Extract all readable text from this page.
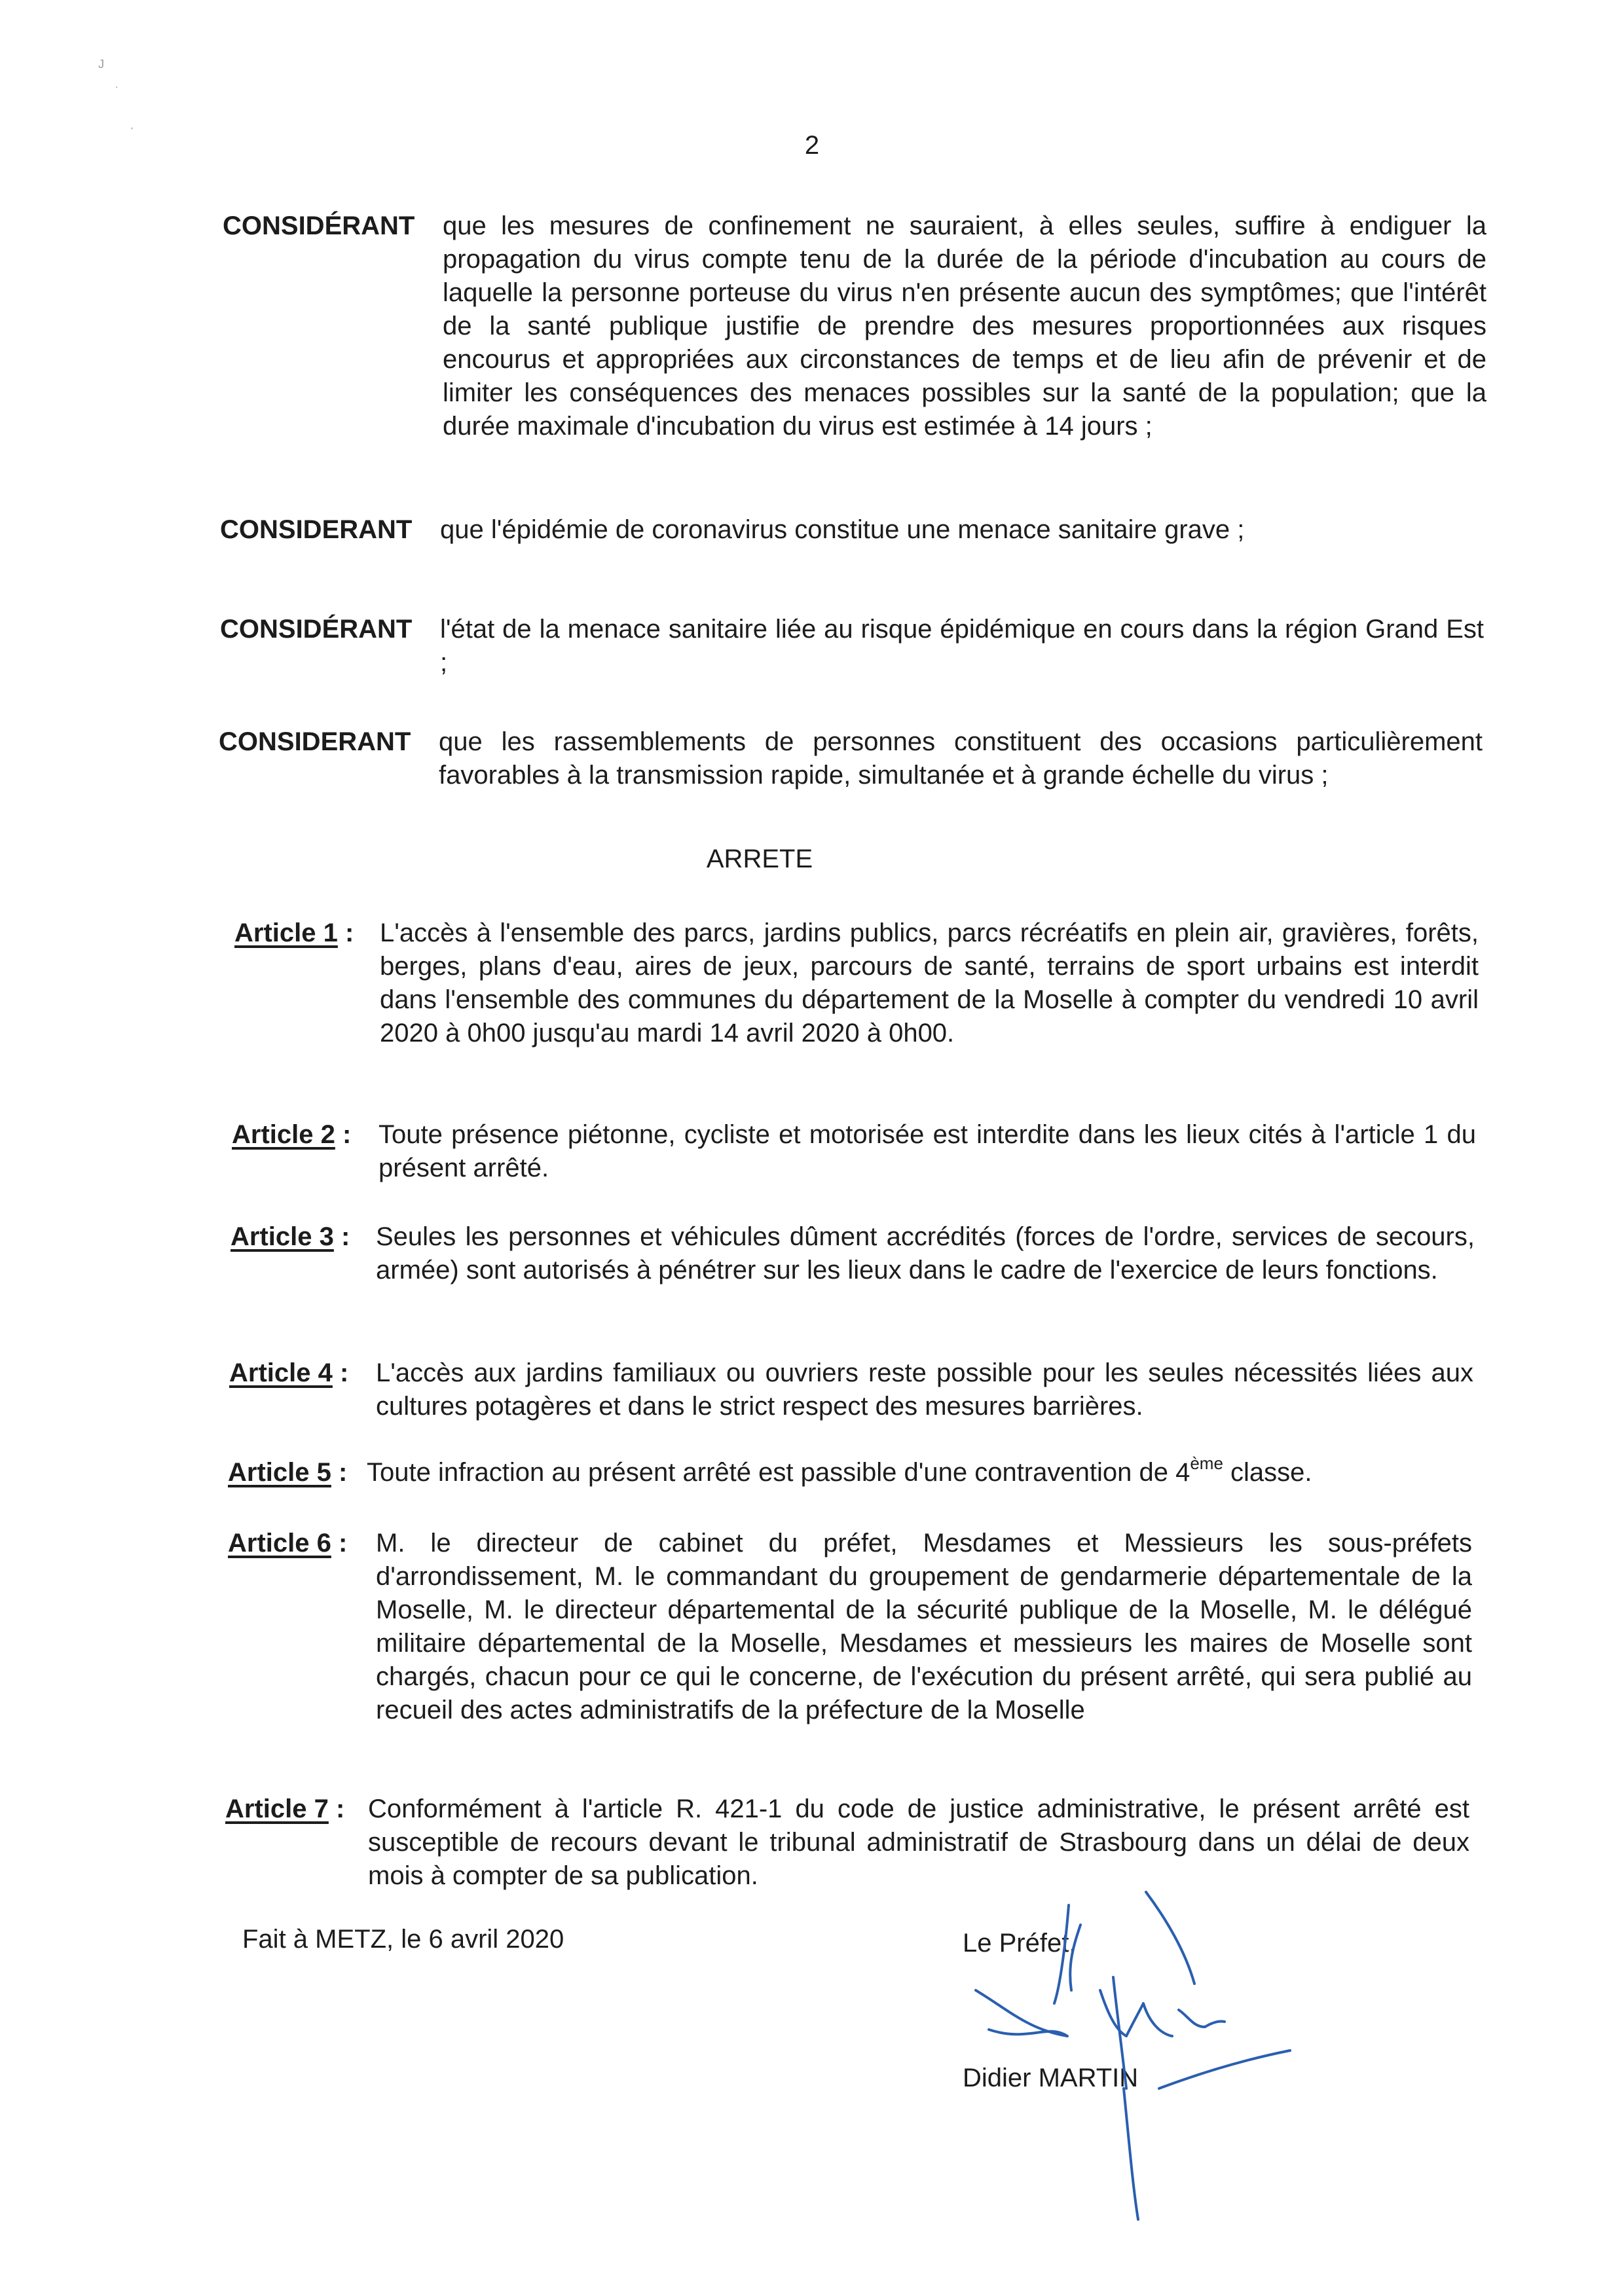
J
˙
ˏ
2
CONSIDÉRANT	que les mesures de confinement ne sauraient, à elles seules, suffire à endiguer la propagation du virus compte tenu de la durée de la période d'incubation au cours de laquelle la personne porteuse du virus n'en présente aucun des symptômes; que l'intérêt de la santé publique justifie de prendre des mesures proportionnées aux risques encourus et appropriées aux circonstances de temps et de lieu afin de prévenir et de limiter les conséquences des menaces possibles sur la santé de la population; que la durée maximale d'incubation du virus est estimée à 14 jours ;
CONSIDERANT	que l'épidémie de coronavirus constitue une menace sanitaire grave ;
CONSIDÉRANT	l'état de la menace sanitaire liée au risque épidémique en cours dans la région Grand Est ;
CONSIDERANT	que les rassemblements de personnes constituent des occasions particulièrement favorables à la transmission rapide, simultanée et à grande échelle du virus ;
ARRETE
Article 1 : L'accès à l'ensemble des parcs, jardins publics, parcs récréatifs en plein air, gravières, forêts, berges, plans d'eau, aires de jeux, parcours de santé, terrains de sport urbains est interdit dans l'ensemble des communes du département de la Moselle à compter du vendredi 10 avril 2020 à 0h00 jusqu'au mardi 14 avril 2020 à 0h00.
Article 2 :	Toute présence piétonne, cycliste et motorisée est interdite dans les lieux cités à l'article 1 du présent arrêté.
Article 3 : Seules les personnes et véhicules dûment accrédités (forces de l'ordre, services de secours, armée) sont autorisés à pénétrer sur les lieux dans le cadre de l'exercice de leurs fonctions.
Article 4 :	L'accès aux jardins familiaux ou ouvriers reste possible pour les seules nécessités liées aux cultures potagères et dans le strict respect des mesures barrières.
Article 5 : Toute infraction au présent arrêté est passible d'une contravention de 4ème classe.
Article 6 :	M. le directeur de cabinet du préfet, Mesdames et Messieurs les sous-préfets d'arrondissement, M. le commandant du groupement de gendarmerie départementale de la Moselle, M. le directeur départemental de la sécurité publique de la Moselle, M. le délégué militaire départemental de la Moselle, Mesdames et messieurs les maires de Moselle sont chargés, chacun pour ce qui le concerne, de l'exécution du présent arrêté, qui sera publié au recueil des actes administratifs de la préfecture de la Moselle
Article 7 : Conformément à l'article R. 421-1 du code de justice administrative, le présent arrêté est susceptible de recours devant le tribunal administratif de Strasbourg dans un délai de deux mois à compter de sa publication.
Fait à METZ, le 6 avril 2020	Le Préfet,
Didier MARTIN
